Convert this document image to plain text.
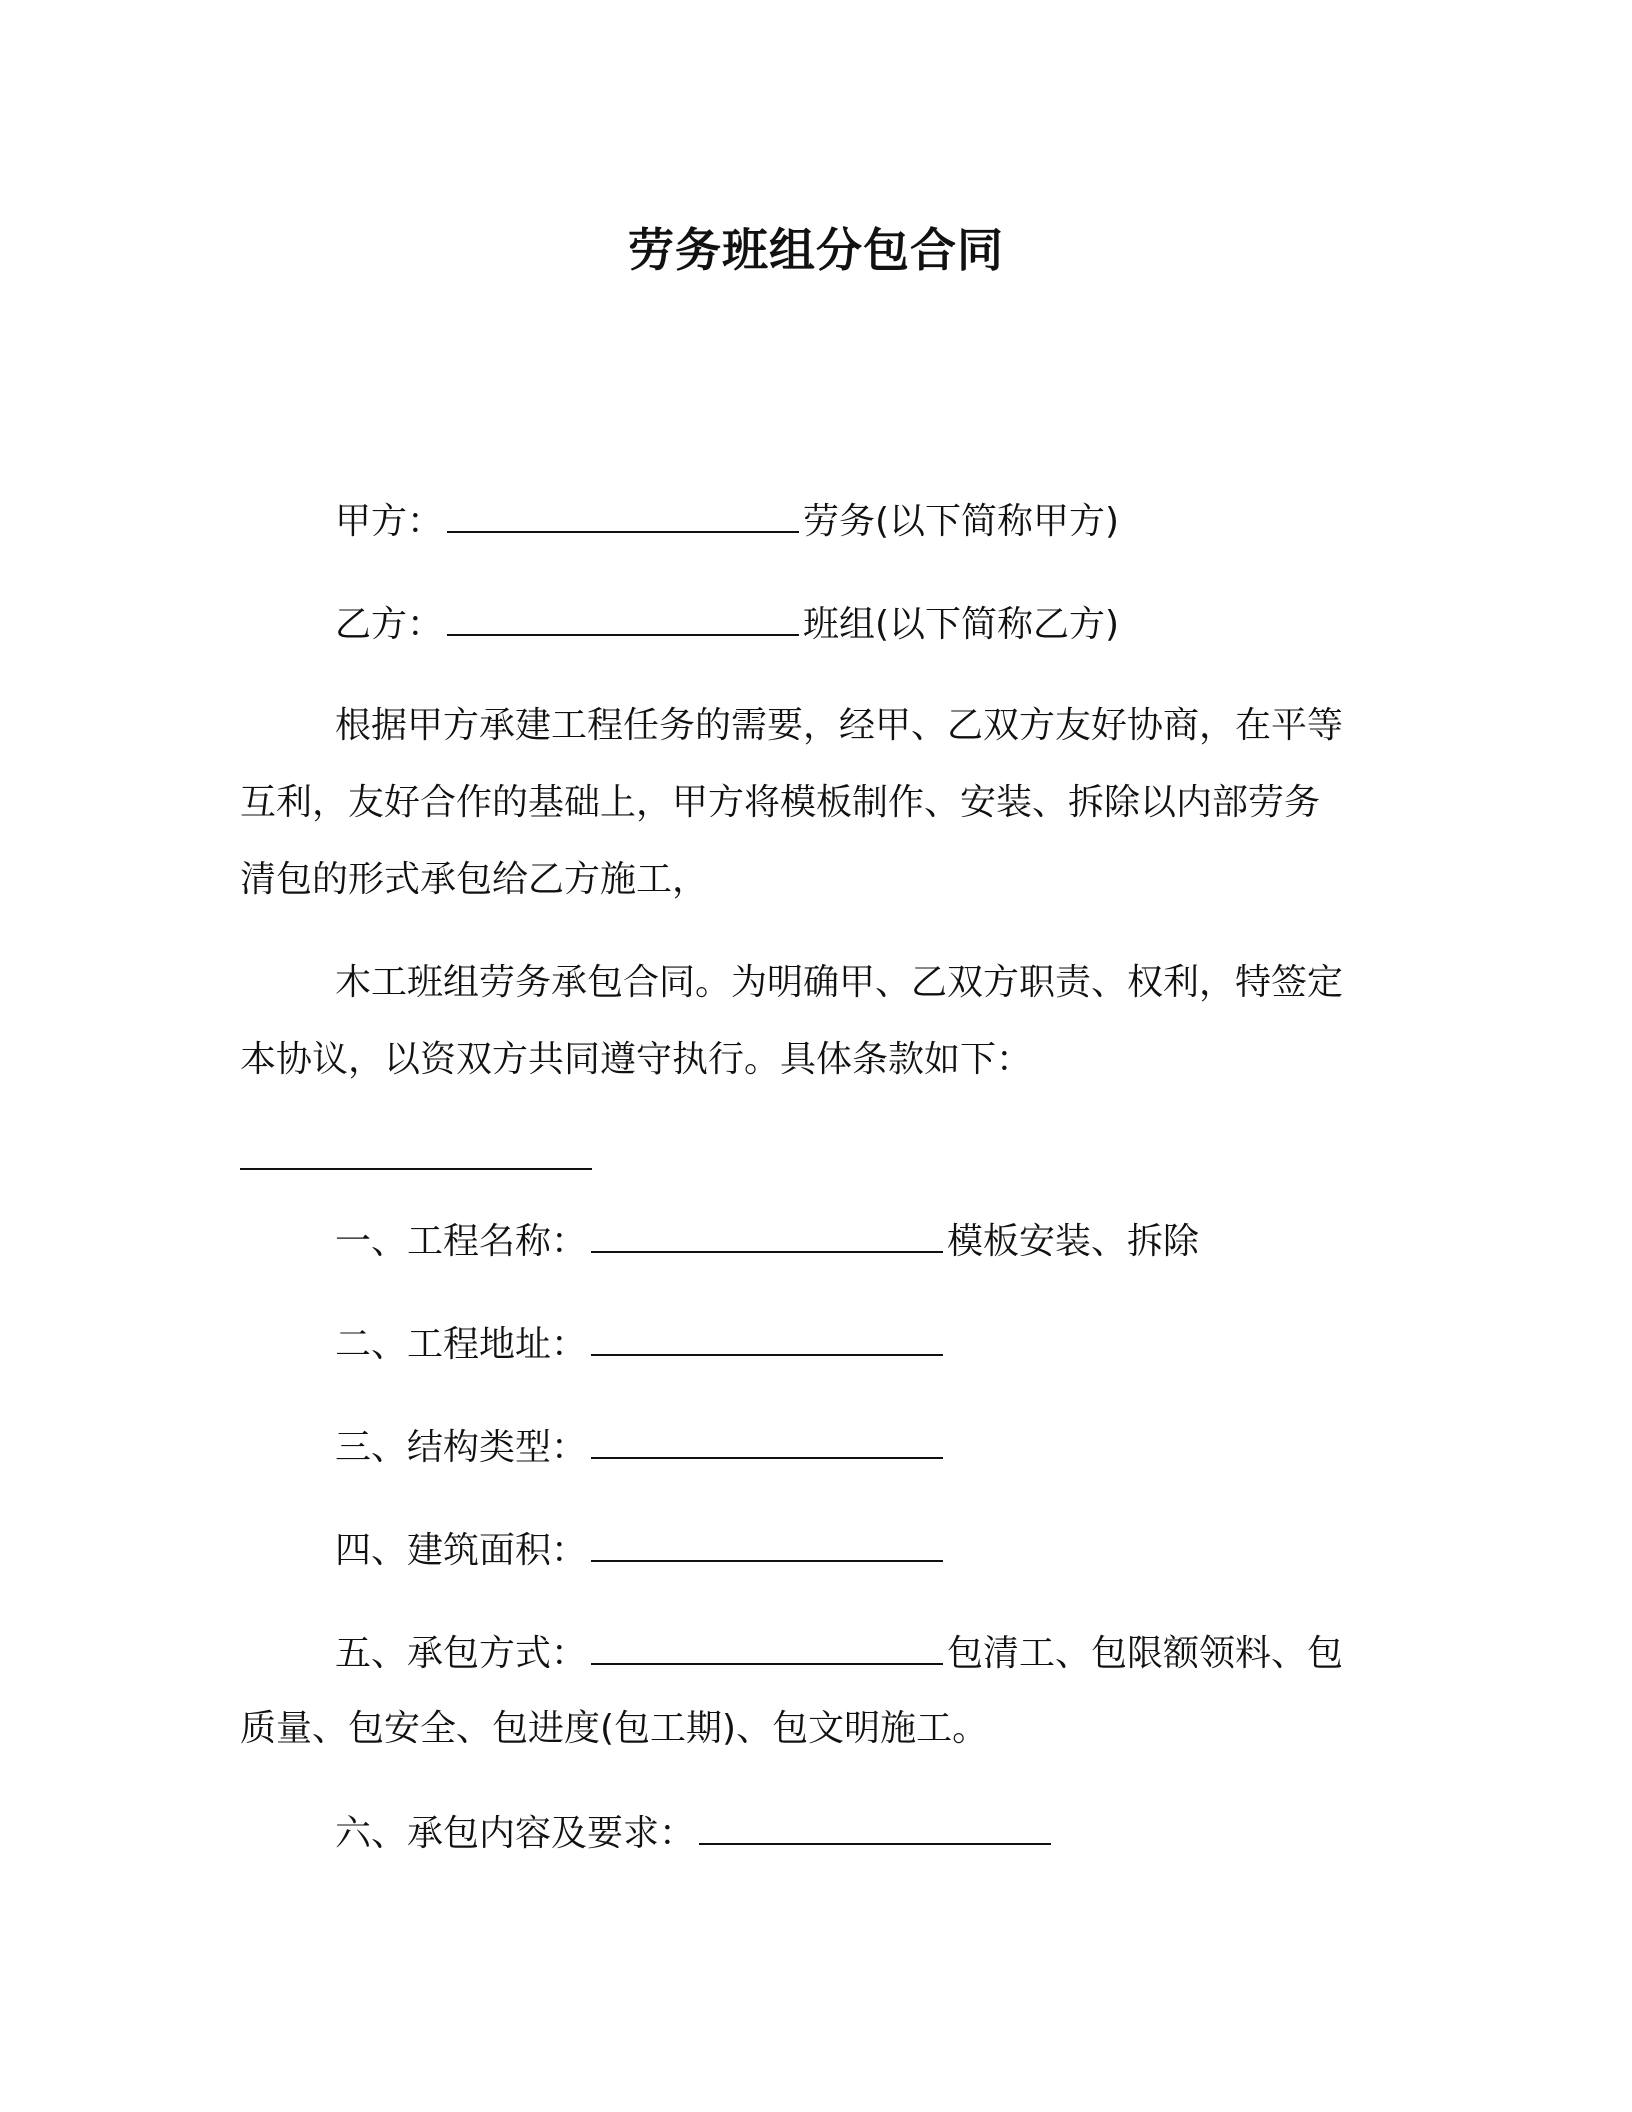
劳务班组分包合同

甲方：	劳务(以下简称甲方)

乙方：	班组(以下简称乙方)

根据甲方承建工程任务的需要，经甲、乙双方友好协商，在平等

互利，友好合作的基础上，甲方将模板制作、安装、拆除以内部劳务

清包的形式承包给乙方施工，

木工班组劳务承包合同。为明确甲、乙双方职责、权利，特签定

本协议，以资双方共同遵守执行。具体条款如下：

一、工程名称：	模板安装、拆除

二、工程地址：

三、结构类型：

四、建筑面积：

五、承包方式：	包清工、包限额领料、包

质量、包安全、包进度(包工期)、包文明施工。

六、承包内容及要求：
